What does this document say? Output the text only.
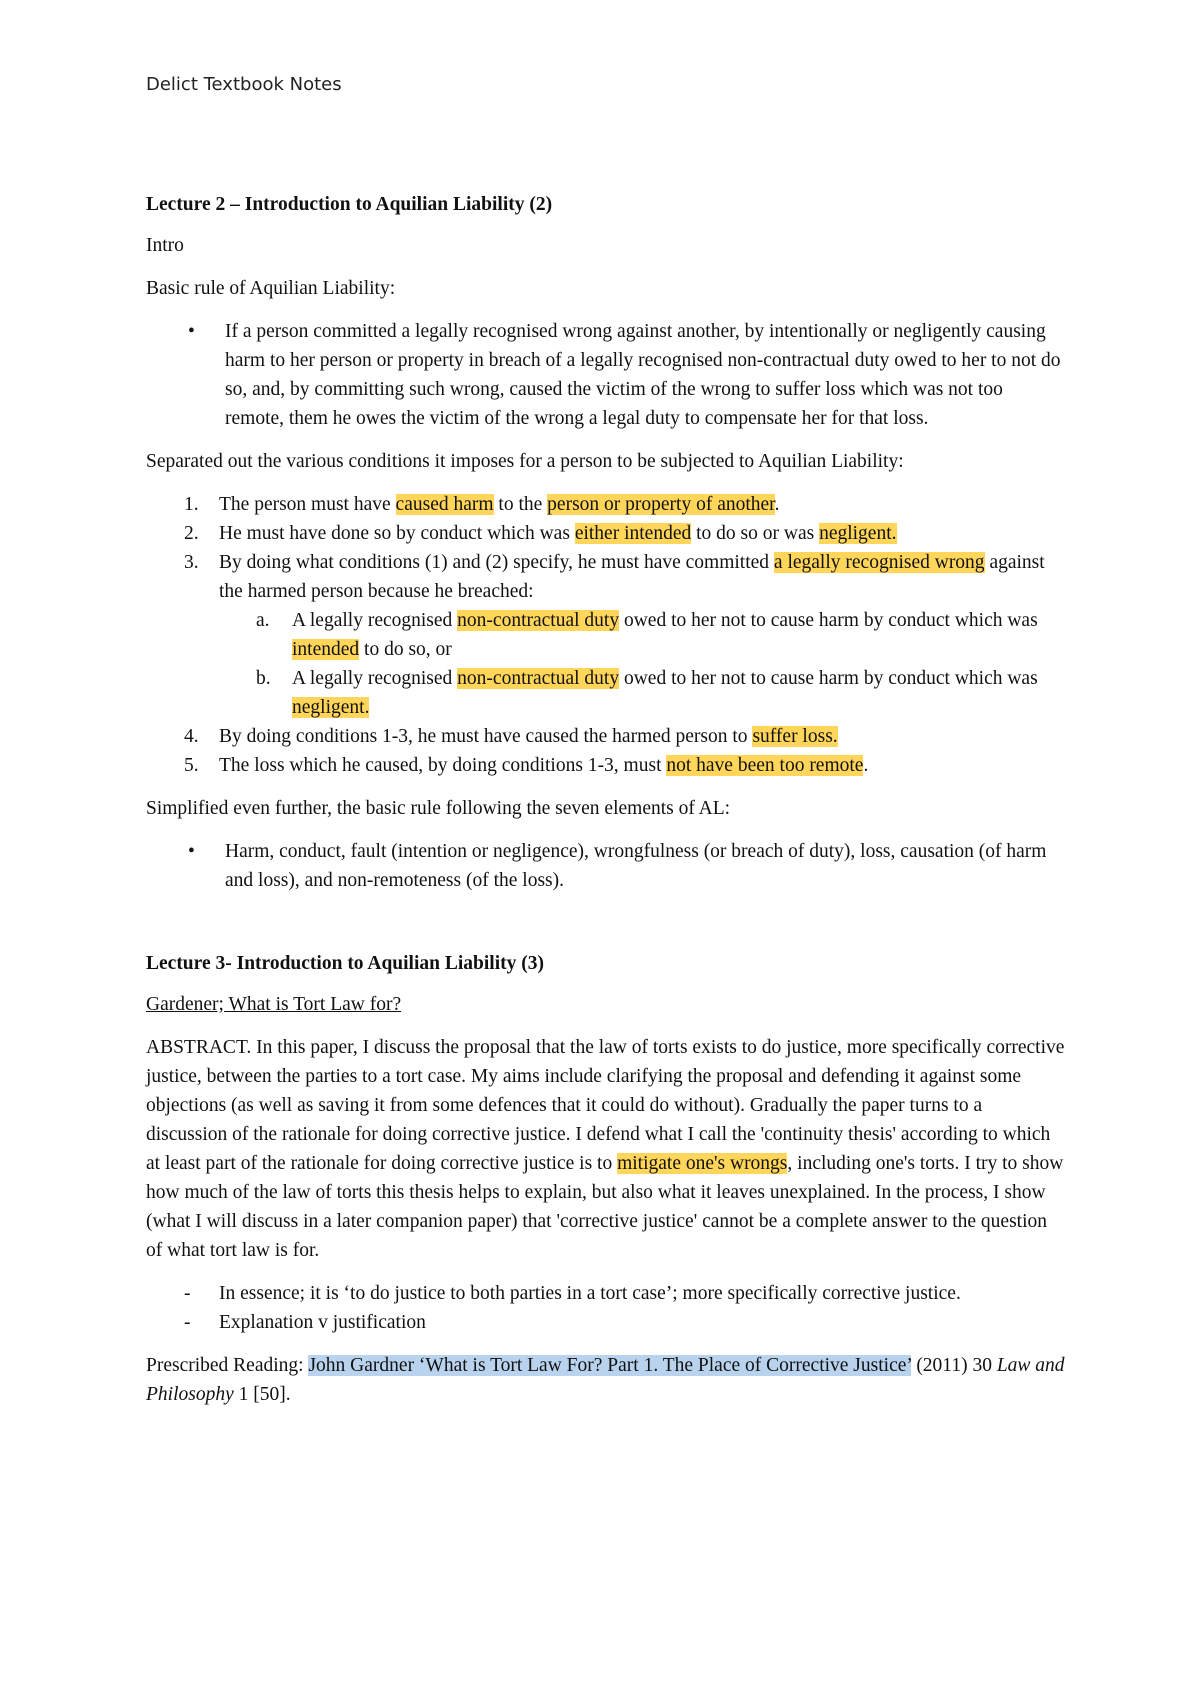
Delict Textbook Notes
Lecture 2 – Introduction to Aquilian Liability (2)

Intro

Basic rule of Aquilian Liability:

• If a person committed a legally recognised wrong against another, by intentionally or negligently causing harm to her person or property in breach of a legally recognised non-contractual duty owed to her to not do so, and, by committing such wrong, caused the victim of the wrong to suffer loss which was not too remote, them he owes the victim of the wrong a legal duty to compensate her for that loss.

Separated out the various conditions it imposes for a person to be subjected to Aquilian Liability:

1. The person must have caused harm to the person or property of another.
2. He must have done so by conduct which was either intended to do so or was negligent.
3. By doing what conditions (1) and (2) specify, he must have committed a legally recognised wrong against the harmed person because he breached:
a. A legally recognised non-contractual duty owed to her not to cause harm by conduct which was intended to do so, or
b. A legally recognised non-contractual duty owed to her not to cause harm by conduct which was negligent.
4. By doing conditions 1-3, he must have caused the harmed person to suffer loss.
5. The loss which he caused, by doing conditions 1-3, must not have been too remote.

Simplified even further, the basic rule following the seven elements of AL:

• Harm, conduct, fault (intention or negligence), wrongfulness (or breach of duty), loss, causation (of harm and loss), and non-remoteness (of the loss).
Lecture 3- Introduction to Aquilian Liability (3)

Gardener; What is Tort Law for?

ABSTRACT. In this paper, I discuss the proposal that the law of torts exists to do justice, more specifically corrective justice, between the parties to a tort case. My aims include clarifying the proposal and defending it against some objections (as well as saving it from some defences that it could do without). Gradually the paper turns to a discussion of the rationale for doing corrective justice. I defend what I call the 'continuity thesis' according to which at least part of the rationale for doing corrective justice is to mitigate one's wrongs, including one's torts. I try to show how much of the law of torts this thesis helps to explain, but also what it leaves unexplained. In the process, I show (what I will discuss in a later companion paper) that 'corrective justice' cannot be a complete answer to the question of what tort law is for.

- In essence; it is ‘to do justice to both parties in a tort case’; more specifically corrective justice.
- Explanation v justification

Prescribed Reading: John Gardner ‘What is Tort Law For? Part 1. The Place of Corrective Justice’ (2011) 30 Law and Philosophy 1 [50].
